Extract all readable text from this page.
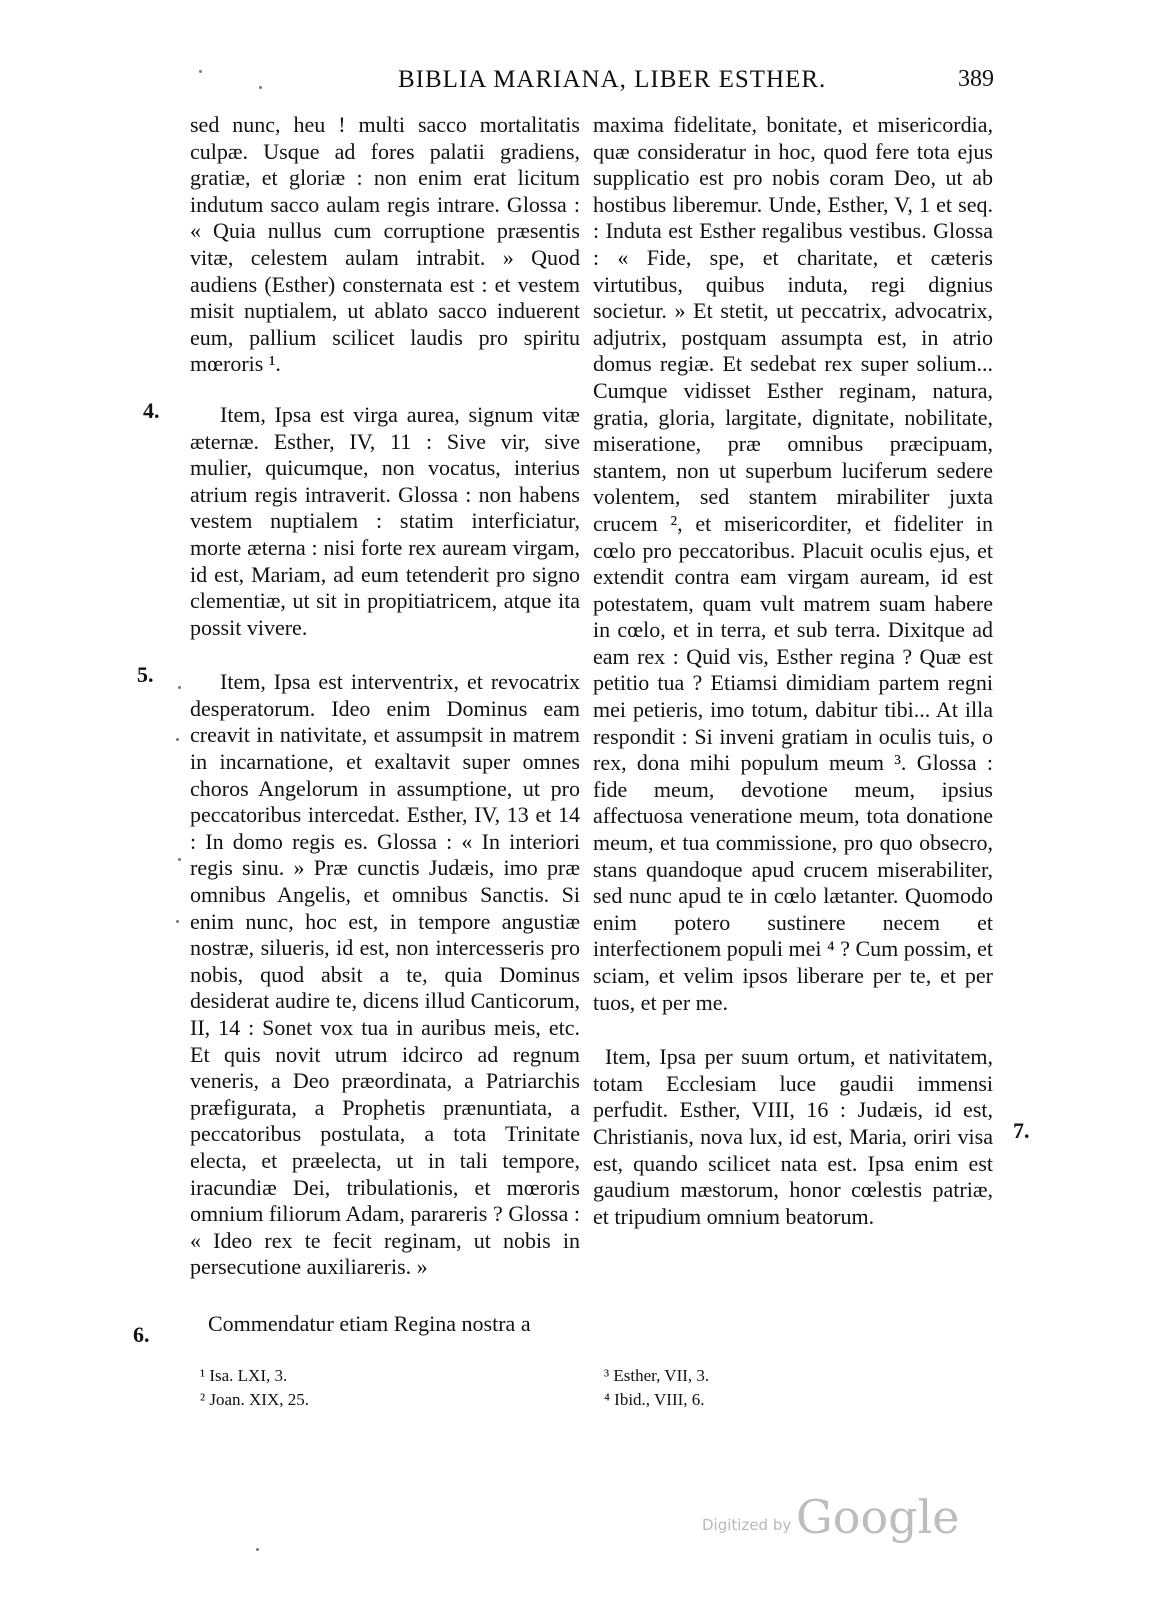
BIBLIA MARIANA, LIBER ESTHER.	389
4.
5.
6.
7.

sed nunc, heu ! multi sacco mortalitatis culpæ. Usque ad fores palatii gradiens, gratiæ, et gloriæ : non enim erat licitum indutum sacco aulam regis intrare. Glossa : « Quia nullus cum corruptione præsentis vitæ, celestem aulam intrabit. » Quod audiens (Esther) consternata est : et vestem misit nuptialem, ut ablato sacco induerent eum, pallium scilicet laudis pro spiritu mœroris ¹.

Item, Ipsa est virga aurea, signum vitæ æternæ. Esther, IV, 11 : Sive vir, sive mulier, quicumque, non vocatus, interius atrium regis intraverit. Glossa : non habens vestem nuptialem : statim interficiatur, morte æterna : nisi forte rex auream virgam, id est, Mariam, ad eum tetenderit pro signo clementiæ, ut sit in propitiatricem, atque ita possit vivere.

Item, Ipsa est interventrix, et revocatrix desperatorum. Ideo enim Dominus eam creavit in nativitate, et assumpsit in matrem in incarnatione, et exaltavit super omnes choros Angelorum in assumptione, ut pro peccatoribus intercedat. Esther, IV, 13 et 14 : In domo regis es. Glossa : « In interiori regis sinu. » Præ cunctis Judæis, imo præ omnibus Angelis, et omnibus Sanctis. Si enim nunc, hoc est, in tempore angustiæ nostræ, silueris, id est, non intercesseris pro nobis, quod absit a te, quia Dominus desiderat audire te, dicens illud Canticorum, II, 14 : Sonet vox tua in auribus meis, etc. Et quis novit utrum idcirco ad regnum veneris, a Deo præordinata, a Patriarchis præfigurata, a Prophetis prænuntiata, a peccatoribus postulata, a tota Trinitate electa, et præelecta, ut in tali tempore, iracundiæ Dei, tribulationis, et mœroris omnium filiorum Adam, parareris ? Glossa : « Ideo rex te fecit reginam, ut nobis in persecutione auxiliareris. »

Commendatur etiam Regina nostra a

maxima fidelitate, bonitate, et misericordia, quæ consideratur in hoc, quod fere tota ejus supplicatio est pro nobis coram Deo, ut ab hostibus liberemur. Unde, Esther, V, 1 et seq. : Induta est Esther regalibus vestibus. Glossa : « Fide, spe, et charitate, et cæteris virtutibus, quibus induta, regi dignius societur. » Et stetit, ut peccatrix, advocatrix, adjutrix, postquam assumpta est, in atrio domus regiæ. Et sedebat rex super solium... Cumque vidisset Esther reginam, natura, gratia, gloria, largitate, dignitate, nobilitate, miseratione, præ omnibus præcipuam, stantem, non ut superbum luciferum sedere volentem, sed stantem mirabiliter juxta crucem ², et misericorditer, et fideliter in cœlo pro peccatoribus. Placuit oculis ejus, et extendit contra eam virgam auream, id est potestatem, quam vult matrem suam habere in cœlo, et in terra, et sub terra. Dixitque ad eam rex : Quid vis, Esther regina ? Quæ est petitio tua ? Etiamsi dimidiam partem regni mei petieris, imo totum, dabitur tibi... At illa respondit : Si inveni gratiam in oculis tuis, o rex, dona mihi populum meum ³. Glossa : fide meum, devotione meum, ipsius affectuosa veneratione meum, tota donatione meum, et tua commissione, pro quo obsecro, stans quandoque apud crucem miserabiliter, sed nunc apud te in cœlo lætanter. Quomodo enim potero sustinere necem et interfectionem populi mei ⁴ ? Cum possim, et sciam, et velim ipsos liberare per te, et per tuos, et per me.

Item, Ipsa per suum ortum, et nativitatem, totam Ecclesiam luce gaudii immensi perfudit. Esther, VIII, 16 : Judæis, id est, Christianis, nova lux, id est, Maria, oriri visa est, quando scilicet nata est. Ipsa enim est gaudium mæstorum, honor cœlestis patriæ, et tripudium omnium beatorum.

¹ Isa. LXI, 3.
² Joan. XIX, 25.
³ Esther, VII, 3.
⁴ Ibid., VIII, 6.
Digitized by Google
